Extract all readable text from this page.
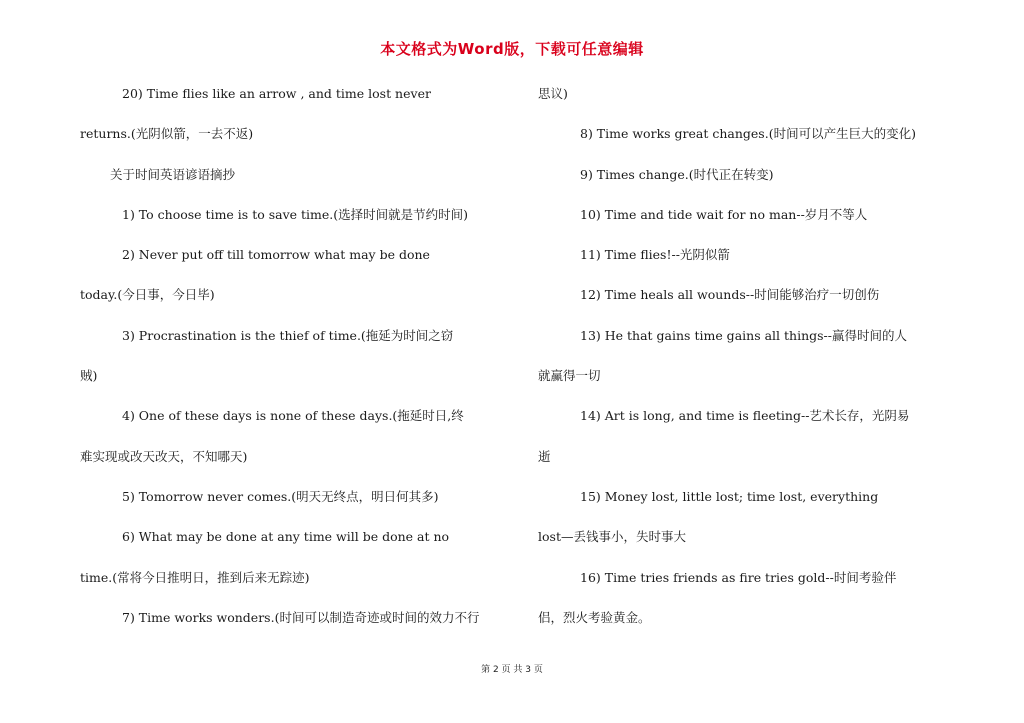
本文格式为Word版，下载可任意编辑
20) Time flies like an arrow , and time lost never
returns.(光阴似箭，一去不返)
关于时间英语谚语摘抄
1) To choose time is to save time.(选择时间就是节约时间)
2) Never put off till tomorrow what may be done
today.(今日事，今日毕)
3) Procrastination is the thief of time.(拖延为时间之窃
贼)
4) One of these days is none of these days.(拖延时日,终
难实现或改天改天，不知哪天)
5) Tomorrow never comes.(明天无终点，明日何其多)
6) What may be done at any time will be done at no
time.(常将今日推明日，推到后来无踪迹)
7) Time works wonders.(时间可以制造奇迹或时间的效力不行
思议)
8) Time works great changes.(时间可以产生巨大的变化)
9) Times change.(时代正在转变)
10) Time and tide wait for no man--岁月不等人
11) Time flies!--光阴似箭
12) Time heals all wounds--时间能够治疗一切创伤
13) He that gains time gains all things--赢得时间的人
就赢得一切
14) Art is long, and time is fleeting--艺术长存，光阴易
逝
15) Money lost, little lost; time lost, everything
lost—丢钱事小，失时事大
16) Time tries friends as fire tries gold--时间考验伴
侣，烈火考验黄金。
第 2 页 共 3 页
